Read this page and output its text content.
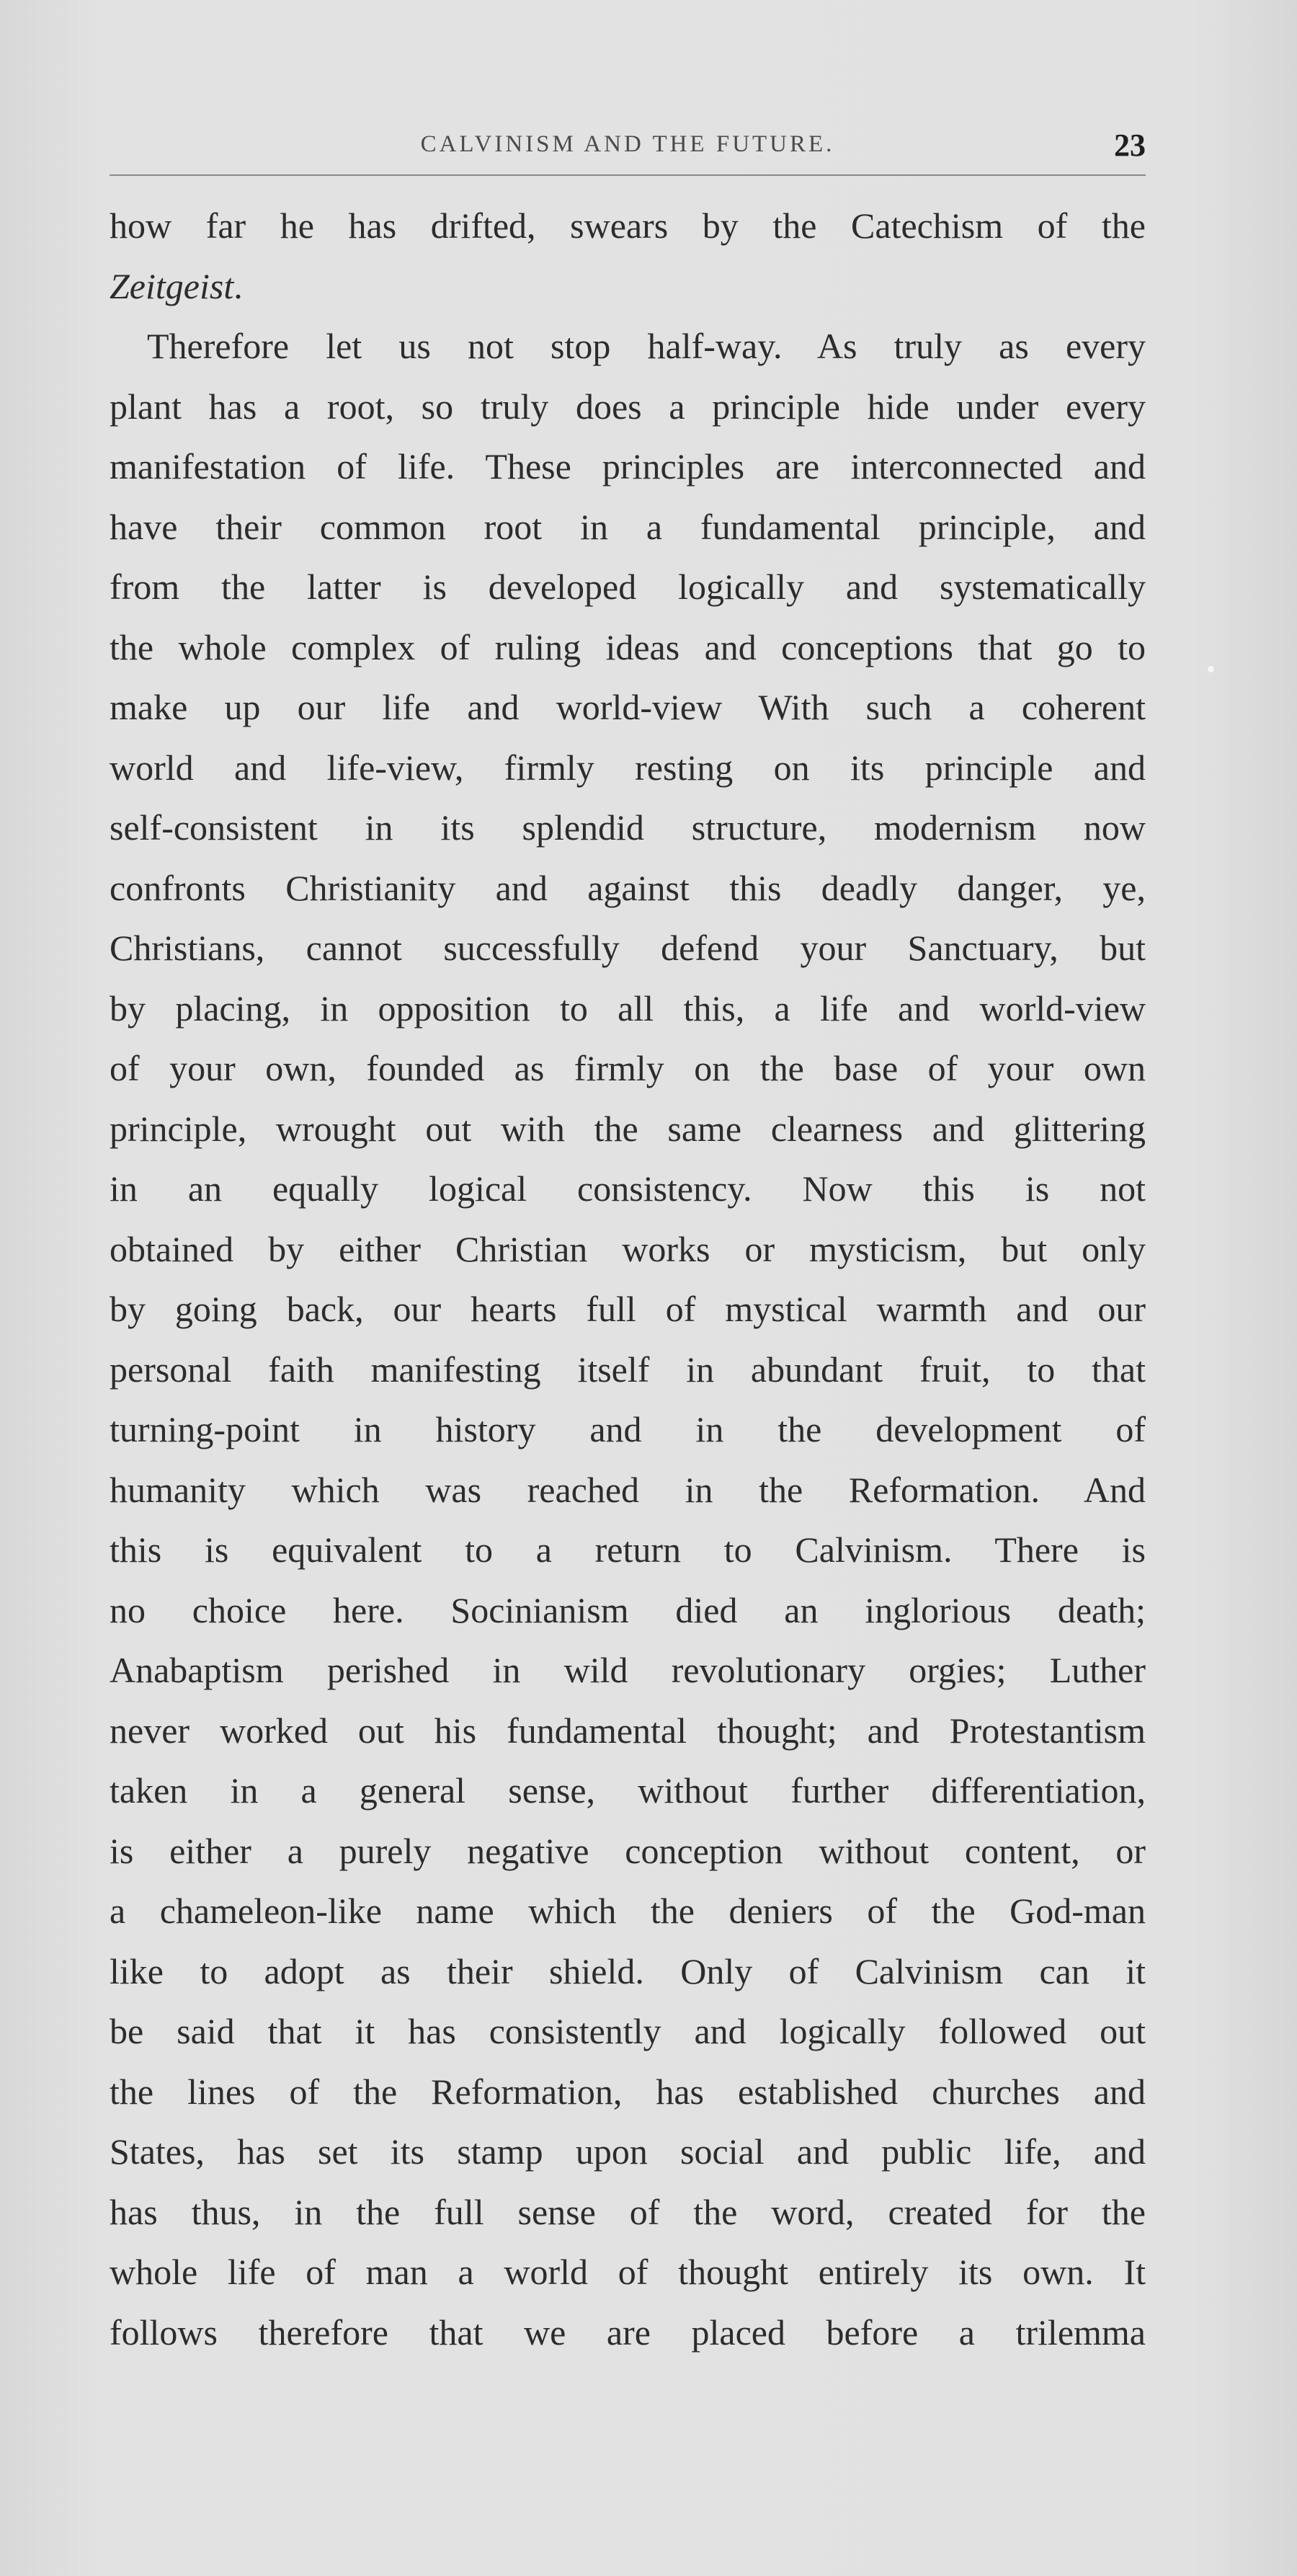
CALVINISM AND THE FUTURE.	23
how far he has drifted, swears by the Catechism of the
Zeitgeist.
Therefore let us not stop half-way. As truly as every
plant has a root, so truly does a principle hide under every
manifestation of life. These principles are interconnected and
have their common root in a fundamental principle, and
from the latter is developed logically and systematically
the whole complex of ruling ideas and conceptions that go to
make up our life and world-view With such a coherent
world and life-view, firmly resting on its principle and
self-consistent in its splendid structure, modernism now
confronts Christianity and against this deadly danger, ye,
Christians, cannot successfully defend your Sanctuary, but
by placing, in opposition to all this, a life and world-view
of your own, founded as firmly on the base of your own
principle, wrought out with the same clearness and glittering
in an equally logical consistency. Now this is not
obtained by either Christian works or mysticism, but only
by going back, our hearts full of mystical warmth and our
personal faith manifesting itself in abundant fruit, to that
turning-point in history and in the development of
humanity which was reached in the Reformation. And
this is equivalent to a return to Calvinism. There is
no choice here. Socinianism died an inglorious death;
Anabaptism perished in wild revolutionary orgies; Luther
never worked out his fundamental thought; and Protestantism
taken in a general sense, without further differentiation,
is either a purely negative conception without content, or
a chameleon-like name which the deniers of the God-man
like to adopt as their shield. Only of Calvinism can it
be said that it has consistently and logically followed out
the lines of the Reformation, has established churches and
States, has set its stamp upon social and public life, and
has thus, in the full sense of the word, created for the
whole life of man a world of thought entirely its own. It
follows therefore that we are placed before a trilemma
